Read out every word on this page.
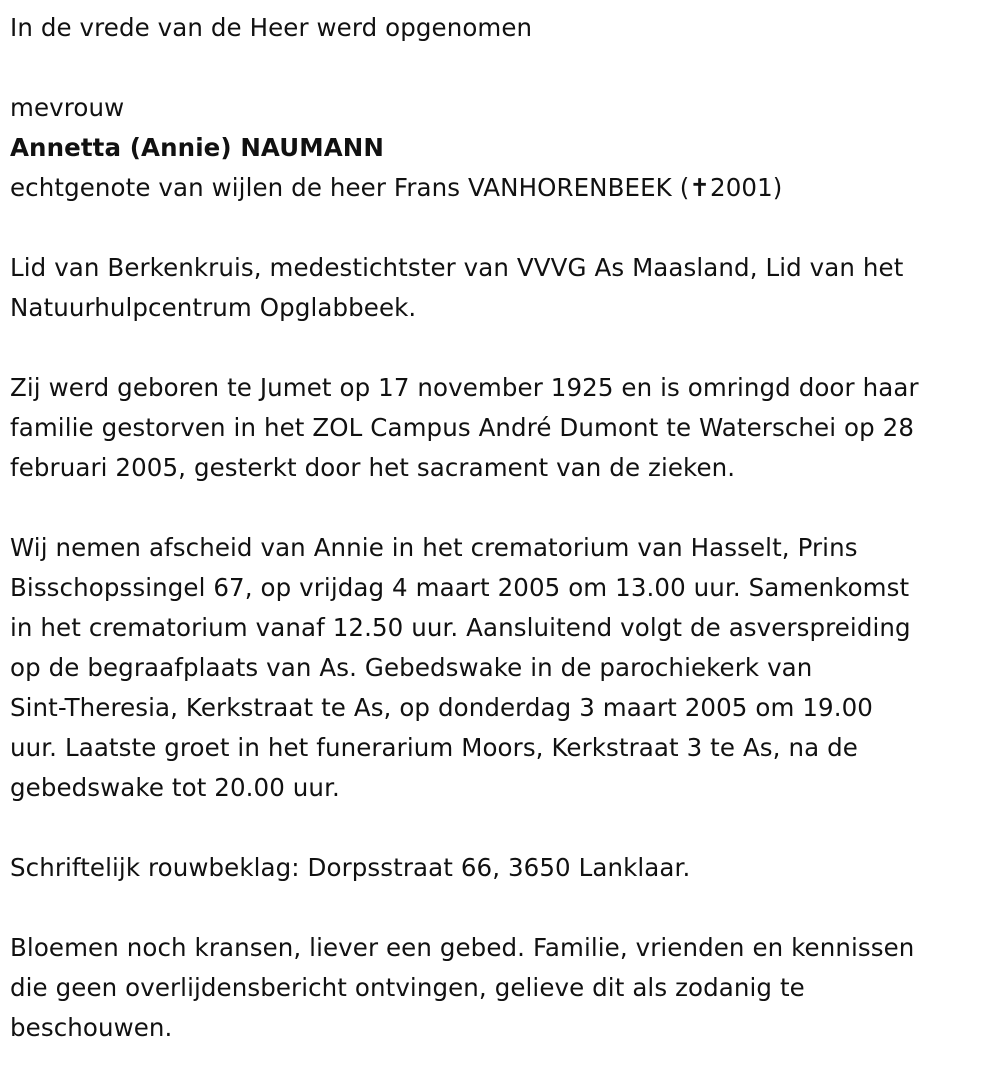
In de vrede van de Heer werd opgenomen

mevrouw

Annetta (Annie) NAUMANN

echtgenote van wijlen de heer Frans VANHORENBEEK (✝2001)

Lid van Berkenkruis, medestichtster van VVVG As Maasland, Lid van het

Natuurhulpcentrum Opglabbeek.

Zij werd geboren te Jumet op 17 november 1925 en is omringd door haar

familie gestorven in het ZOL Campus André Dumont te Waterschei op 28

februari 2005, gesterkt door het sacrament van de zieken.

Wij nemen afscheid van Annie in het crematorium van Hasselt, Prins

Bisschopssingel 67, op vrijdag 4 maart 2005 om 13.00 uur. Samenkomst

in het crematorium vanaf 12.50 uur. Aansluitend volgt de asverspreiding

op de begraafplaats van As. Gebedswake in de parochiekerk van

Sint-Theresia, Kerkstraat te As, op donderdag 3 maart 2005 om 19.00

uur. Laatste groet in het funerarium Moors, Kerkstraat 3 te As, na de

gebedswake tot 20.00 uur.

Schriftelijk rouwbeklag: Dorpsstraat 66, 3650 Lanklaar.

Bloemen noch kransen, liever een gebed. Familie, vrienden en kennissen

die geen overlijdensbericht ontvingen, gelieve dit als zodanig te

beschouwen.
